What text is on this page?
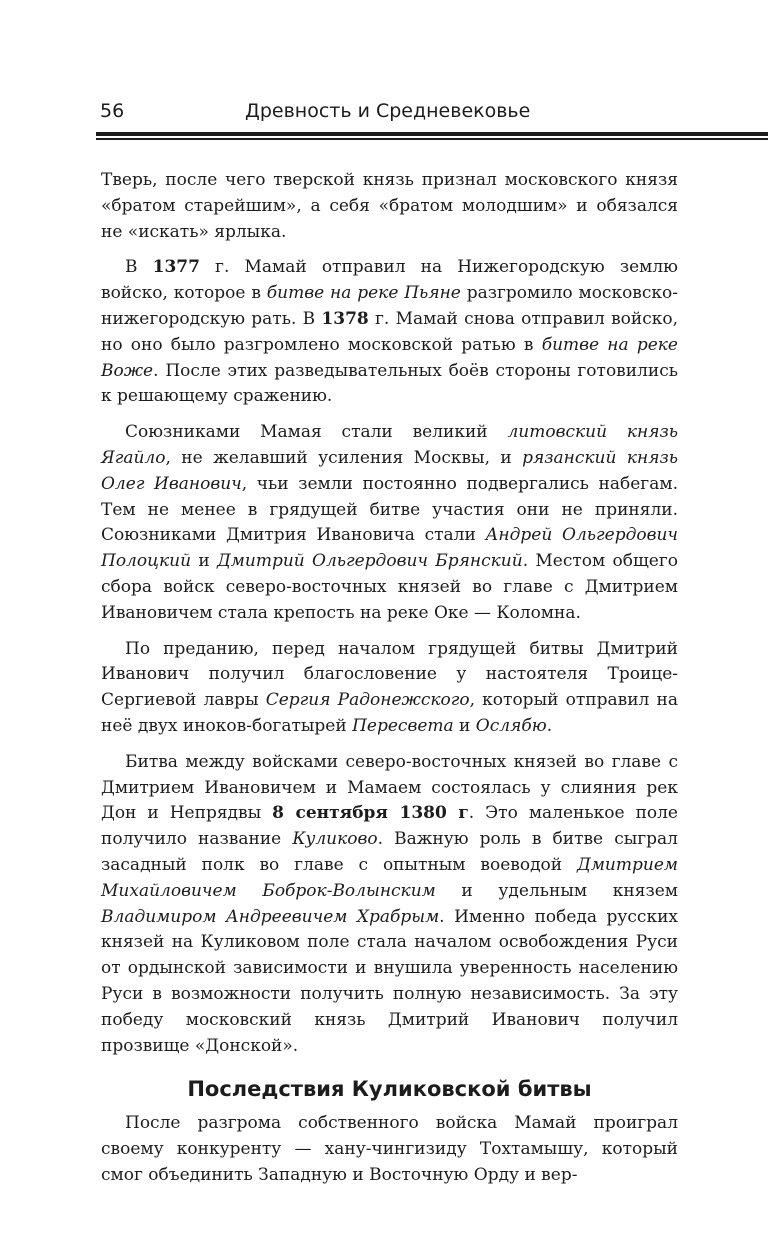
56	Древность и Средневековье

Тверь, после чего тверской князь признал московского князя «братом старейшим», а себя «братом молодшим» и обязался не «искать» ярлыка.

В 1377 г. Мамай отправил на Нижегородскую землю войско, которое в битве на реке Пьяне разгромило московско-нижегородскую рать. В 1378 г. Мамай снова отправил войско, но оно было разгромлено московской ратью в битве на реке Воже. После этих разведывательных боёв стороны готовились к решающему сражению.

Союзниками Мамая стали великий литовский князь Ягайло, не желавший усиления Москвы, и рязанский князь Олег Иванович, чьи земли постоянно подвергались набегам. Тем не менее в грядущей битве участия они не приняли. Союзниками Дмитрия Ивановича стали Андрей Ольгердович Полоцкий и Дмитрий Ольгердович Брянский. Местом общего сбора войск северо-восточных князей во главе с Дмитрием Ивановичем стала крепость на реке Оке — Коломна.

По преданию, перед началом грядущей битвы Дмитрий Иванович получил благословение у настоятеля Троице-Сергиевой лавры Сергия Радонежского, который отправил на неё двух иноков-богатырей Пересвета и Ослябю.

Битва между войсками северо-восточных князей во главе с Дмитрием Ивановичем и Мамаем состоялась у слияния рек Дон и Непрядвы 8 сентября 1380 г. Это маленькое поле получило название Куликово. Важную роль в битве сыграл засадный полк во главе с опытным воеводой Дмитрием Михайловичем Боброк-Волынским и удельным князем Владимиром Андреевичем Храбрым. Именно победа русских князей на Куликовом поле стала началом освобождения Руси от ордынской зависимости и внушила уверенность населению Руси в возможности получить полную независимость. За эту победу московский князь Дмитрий Иванович получил прозвище «Донской».

Последствия Куликовской битвы

После разгрома собственного войска Мамай проиграл своему конкуренту — хану-чингизиду Тохтамышу, который смог объединить Западную и Восточную Орду и вер-
